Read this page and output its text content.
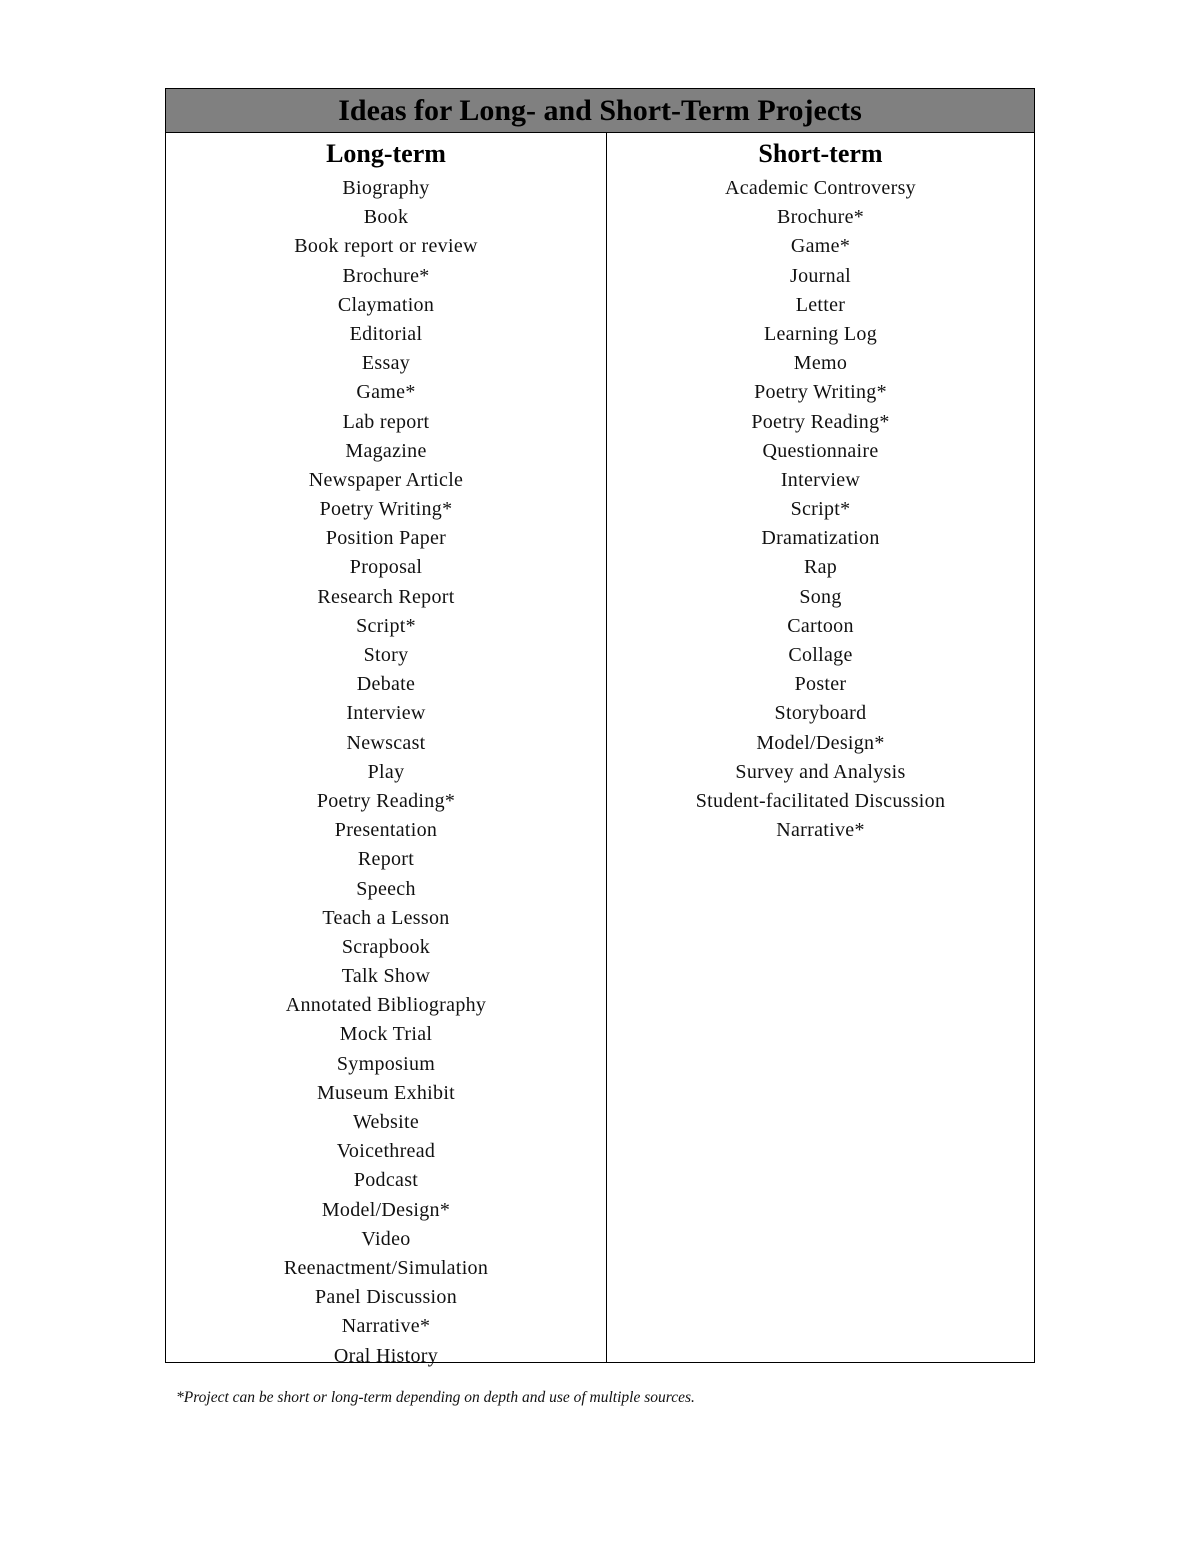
Ideas for Long- and Short-Term Projects
Long-term
Biography
Book
Book report or review
Brochure*
Claymation
Editorial
Essay
Game*
Lab report
Magazine
Newspaper Article
Poetry Writing*
Position Paper
Proposal
Research Report
Script*
Story
Debate
Interview
Newscast
Play
Poetry Reading*
Presentation
Report
Speech
Teach a Lesson
Scrapbook
Talk Show
Annotated Bibliography
Mock Trial
Symposium
Museum Exhibit
Website
Voicethread
Podcast
Model/Design*
Video
Reenactment/Simulation
Panel Discussion
Narrative*
Oral History
Short-term
Academic Controversy
Brochure*
Game*
Journal
Letter
Learning Log
Memo
Poetry Writing*
Poetry Reading*
Questionnaire
Interview
Script*
Dramatization
Rap
Song
Cartoon
Collage
Poster
Storyboard
Model/Design*
Survey and Analysis
Student-facilitated Discussion
Narrative*
*Project can be short or long-term depending on depth and use of multiple sources.
